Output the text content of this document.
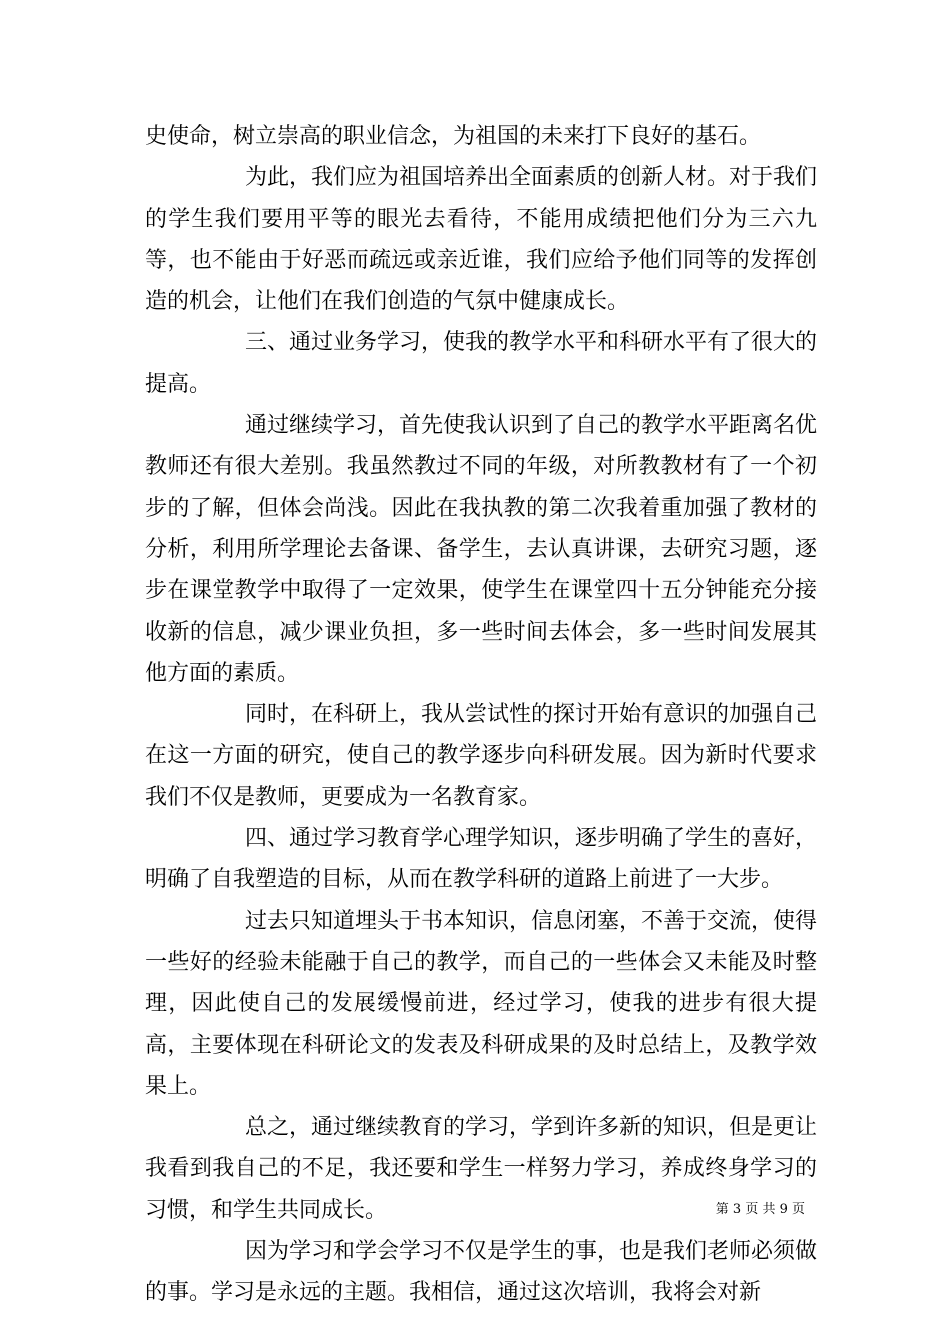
史使命，树立崇高的职业信念，为祖国的未来打下良好的基石。

为此，我们应为祖国培养出全面素质的创新人材。对于我们的学生我们要用平等的眼光去看待，不能用成绩把他们分为三六九等，也不能由于好恶而疏远或亲近谁，我们应给予他们同等的发挥创造的机会，让他们在我们创造的气氛中健康成长。

三、通过业务学习，使我的教学水平和科研水平有了很大的提高。

通过继续学习，首先使我认识到了自己的教学水平距离名优教师还有很大差别。我虽然教过不同的年级，对所教教材有了一个初步的了解，但体会尚浅。因此在我执教的第二次我着重加强了教材的分析，利用所学理论去备课、备学生，去认真讲课，去研究习题，逐步在课堂教学中取得了一定效果，使学生在课堂四十五分钟能充分接收新的信息，减少课业负担，多一些时间去体会，多一些时间发展其他方面的素质。

同时，在科研上，我从尝试性的探讨开始有意识的加强自己在这一方面的研究，使自己的教学逐步向科研发展。因为新时代要求我们不仅是教师，更要成为一名教育家。

四、通过学习教育学心理学知识，逐步明确了学生的喜好，明确了自我塑造的目标，从而在教学科研的道路上前进了一大步。

过去只知道埋头于书本知识，信息闭塞，不善于交流，使得一些好的经验未能融于自己的教学，而自己的一些体会又未能及时整理，因此使自己的发展缓慢前进，经过学习，使我的进步有很大提高，主要体现在科研论文的发表及科研成果的及时总结上，及教学效果上。

总之，通过继续教育的学习，学到许多新的知识，但是更让我看到我自己的不足，我还要和学生一样努力学习，养成终身学习的习惯，和学生共同成长。

因为学习和学会学习不仅是学生的事，也是我们老师必须做的事。学习是永远的主题。我相信，通过这次培训，我将会对新

第 3 页 共 9 页
